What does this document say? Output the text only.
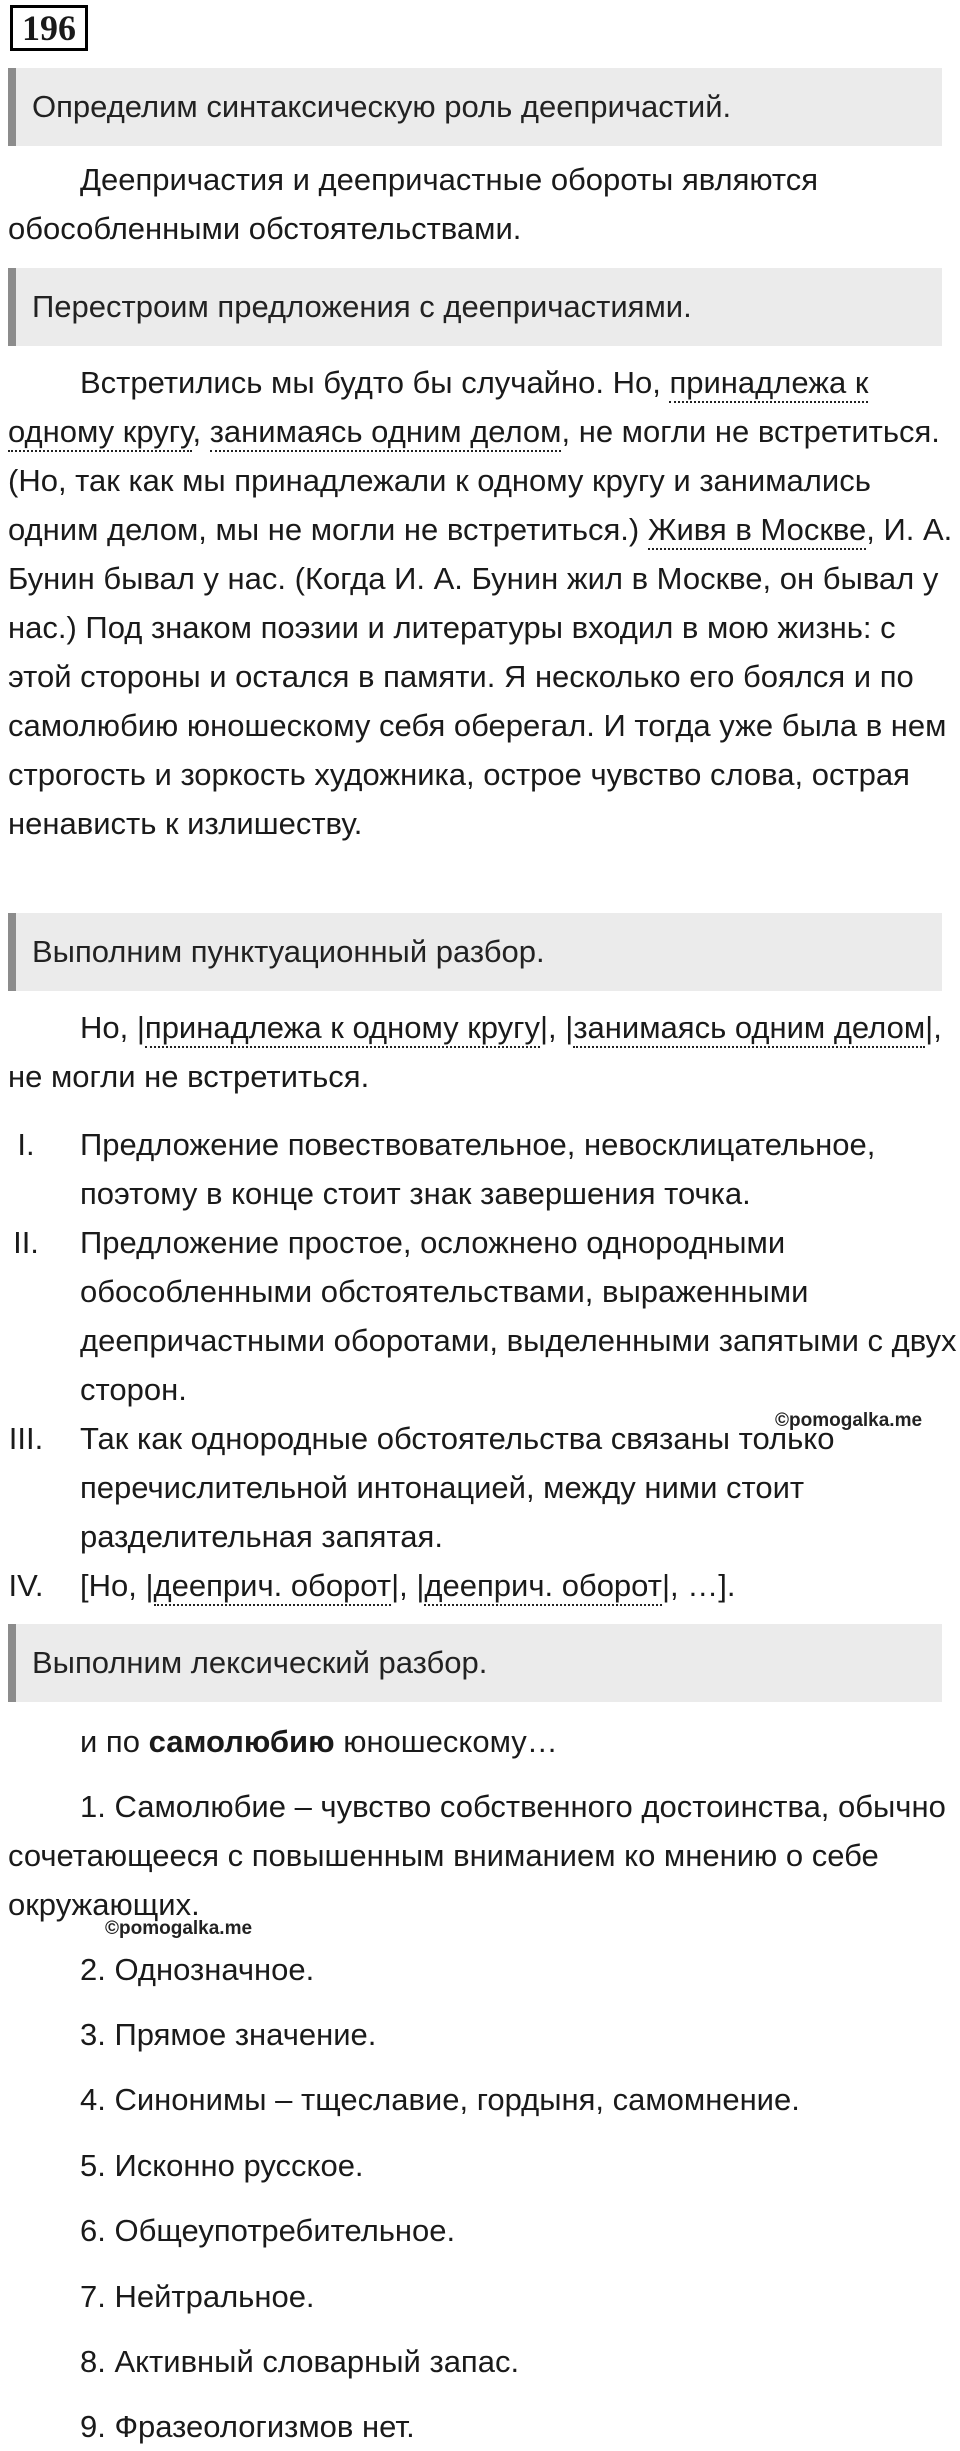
196
Определим синтаксическую роль деепричастий.

Деепричастия и деепричастные обороты являются обособленными обстоятельствами.

Перестроим предложения с деепричастиями.

Встретились мы будто бы случайно. Но, принадлежа к одному кругу, занимаясь одним делом, не могли не встретиться. (Но, так как мы принадлежали к одному кругу и занимались одним делом, мы не могли не встретиться.) Живя в Москве, И. А. Бунин бывал у нас. (Когда И. А. Бунин жил в Москве, он бывал у нас.) Под знаком поэзии и литературы входил в мою жизнь: с этой стороны и остался в памяти. Я несколько его боялся и по самолюбию юношескому себя оберегал. И тогда уже была в нем строгость и зоркость художника, острое чувство слова, острая ненависть к излишеству.

Выполним пунктуационный разбор.

Но, |принадлежа к одному кругу|, |занимаясь одним делом|, не могли не встретиться.

I.	Предложение повествовательное, невосклицательное, поэтому в конце стоит знак завершения точка.
II.	Предложение простое, осложнено однородными обособленными обстоятельствами, выраженными деепричастными оборотами, выделенными запятыми с двух сторон.
III. Так как однородные обстоятельства связаны только перечислительной интонацией, между ними стоит разделительная запятая.
©pomogalka.me
IV. [Но, |дееприч. оборот|, |дееприч. оборот|, …].
Выполним лексический разбор.
и по самолюбию юношескому…

1. Самолюбие – чувство собственного достоинства, обычно сочетающееся с повышенным вниманием ко мнению о себе окружающих.

©pomogalka.me
2. Однозначное.
3. Прямое значение.
4. Синонимы – тщеславие, гордыня, самомнение.
5. Исконно русское.
6. Общеупотребительное.
7. Нейтральное.
8. Активный словарный запас.
9. Фразеологизмов нет.
